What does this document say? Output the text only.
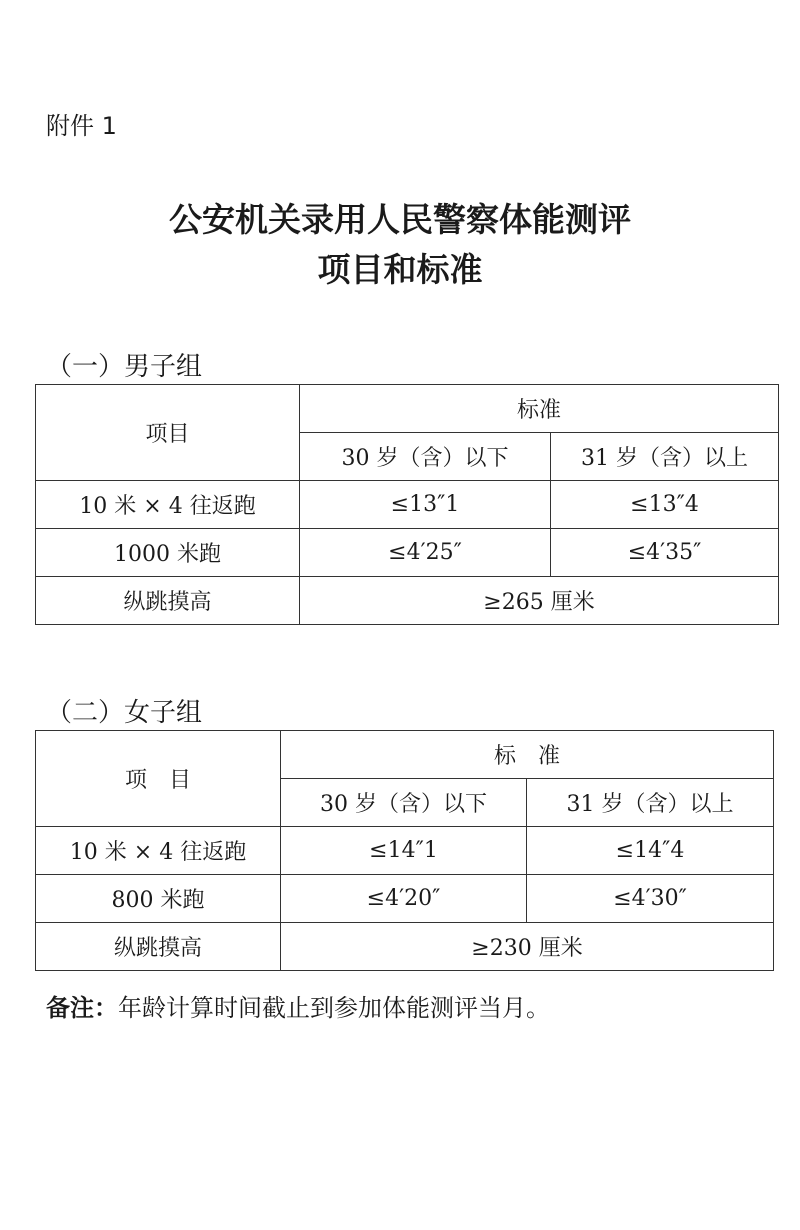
附件 1
公安机关录用人民警察体能测评
项目和标准
（一）男子组
项目	标准	
	30 岁（含）以下	31 岁（含）以上
10 米 × 4 往返跑	≤13″1	≤13″4
1000 米跑	≤4′25″	≤4′35″
纵跳摸高	≥265 厘米	
（二）女子组
项　目	标　准	
	30 岁（含）以下	31 岁（含）以上
10 米 × 4 往返跑	≤14″1	≤14″4
800 米跑	≤4′20″	≤4′30″
纵跳摸高	≥230 厘米	
备注：年龄计算时间截止到参加体能测评当月。
